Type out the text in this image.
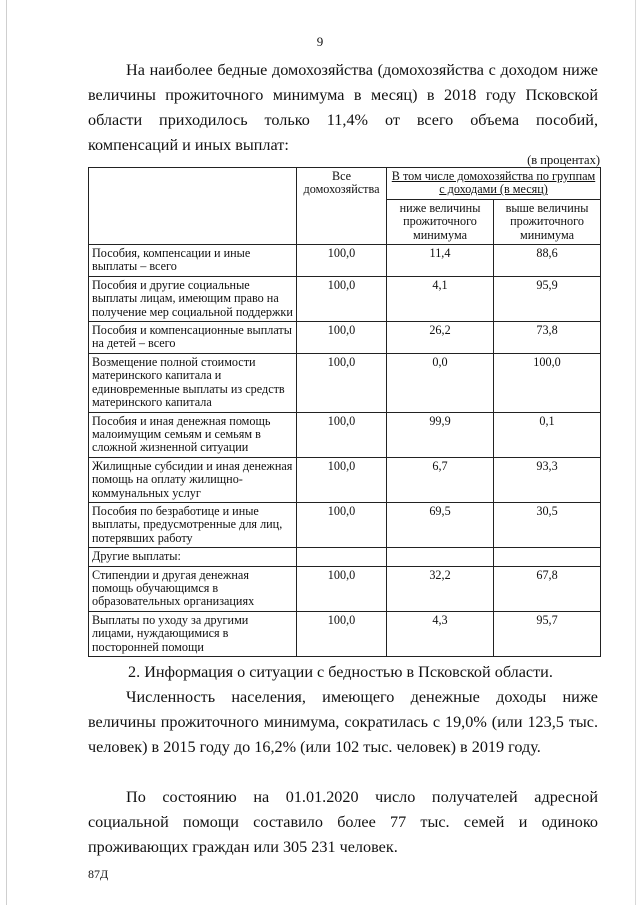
9
На наиболее бедные домохозяйства (домохозяйства с доходом ниже величины прожиточного минимума в месяц) в 2018 году Псковской области приходилось только 11,4% от всего объема пособий, компенсаций и иных выплат:
(в процентах)
	Все домохозяйства	В том числе домохозяйства по группам с доходами (в месяц)	
		ниже величины прожиточного минимума	выше величины прожиточного минимума
Пособия, компенсации и иные выплаты – всего	100,0	11,4	88,6
Пособия и другие социальные выплаты лицам, имеющим право на получение мер социальной поддержки	100,0	4,1	95,9
Пособия и компенсационные выплаты на детей – всего	100,0	26,2	73,8
Возмещение полной стоимости материнского капитала и единовременные выплаты из средств материнского капитала	100,0	0,0	100,0
Пособия и иная денежная помощь малоимущим семьям и семьям в сложной жизненной ситуации	100,0	99,9	0,1
Жилищные субсидии и иная денежная помощь на оплату жилищно-коммунальных услуг	100,0	6,7	93,3
Пособия по безработице и иные выплаты, предусмотренные для лиц, потерявших работу	100,0	69,5	30,5
Другие выплаты:			
Стипендии и другая денежная помощь обучающимся в образовательных организациях	100,0	32,2	67,8
Выплаты по уходу за другими лицами, нуждающимися в посторонней помощи	100,0	4,3	95,7
2. Информация о ситуации с бедностью в Псковской области.
Численность населения, имеющего денежные доходы ниже величины прожиточного минимума, сократилась с 19,0% (или 123,5 тыс. человек) в 2015 году до 16,2% (или 102 тыс. человек) в 2019 году.
По состоянию на 01.01.2020 число получателей адресной социальной помощи составило более 77 тыс. семей и одиноко проживающих граждан или 305 231 человек.
87Д
